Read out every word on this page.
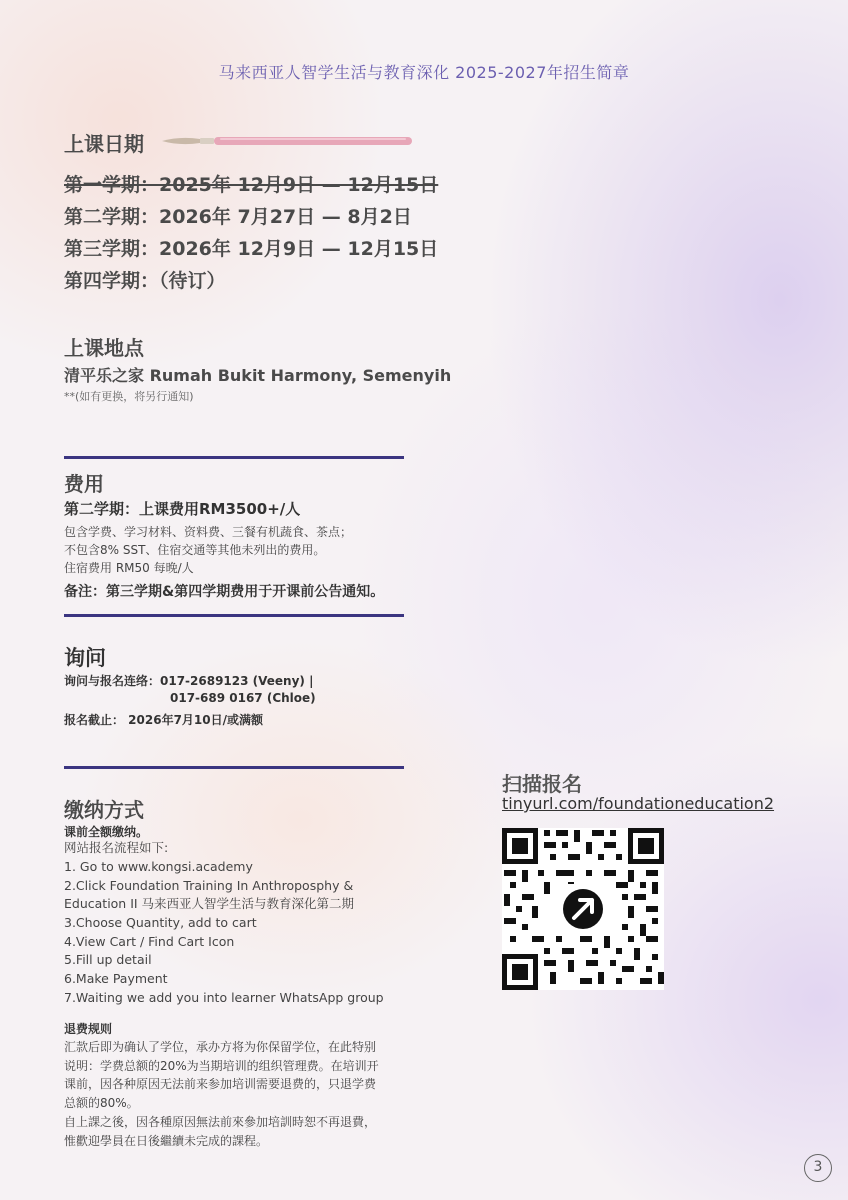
马来西亚人智学生活与教育深化 2025-2027年招生简章
上课日期
第一学期：2025年 12月9日 — 12月15日
第二学期：2026年 7月27日 — 8月2日
第三学期：2026年 12月9日 — 12月15日
第四学期：（待订）
上课地点
清平乐之家 Rumah Bukit Harmony, Semenyih
**(如有更换，将另行通知)
费用
第二学期：上课费用RM3500+/人
包含学费、学习材料、资料费、三餐有机蔬食、茶点；
不包含8% SST、住宿交通等其他未列出的费用。
住宿费用 RM50 每晚/人
备注：第三学期&第四学期费用于开课前公告通知。
询问
询问与报名连络：017-2689123 (Veeny) |
017-689 0167 (Chloe)
报名截止： 2026年7月10日/或满额
缴纳方式
课前全额缴纳。
网站报名流程如下:
1. Go to www.kongsi.academy
2.Click Foundation Training In Anthroposphy &
Education II 马来西亚人智学生活与教育深化第二期
3.Choose Quantity, add to cart
4.View Cart / Find Cart Icon
5.Fill up detail
6.Make Payment
7.Waiting we add you into learner WhatsApp group
退费规则
汇款后即为确认了学位，承办方将为你保留学位，在此特别说明：学费总额的20%为当期培训的组织管理费。在培训开课前，因各种原因无法前来参加培训需要退费的，只退学费总额的80%。
自上課之後，因各種原因無法前來參加培訓時恕不再退費，惟歡迎學員在日後繼續未完成的課程。
扫描报名
tinyurl.com/foundationeducation2
3
